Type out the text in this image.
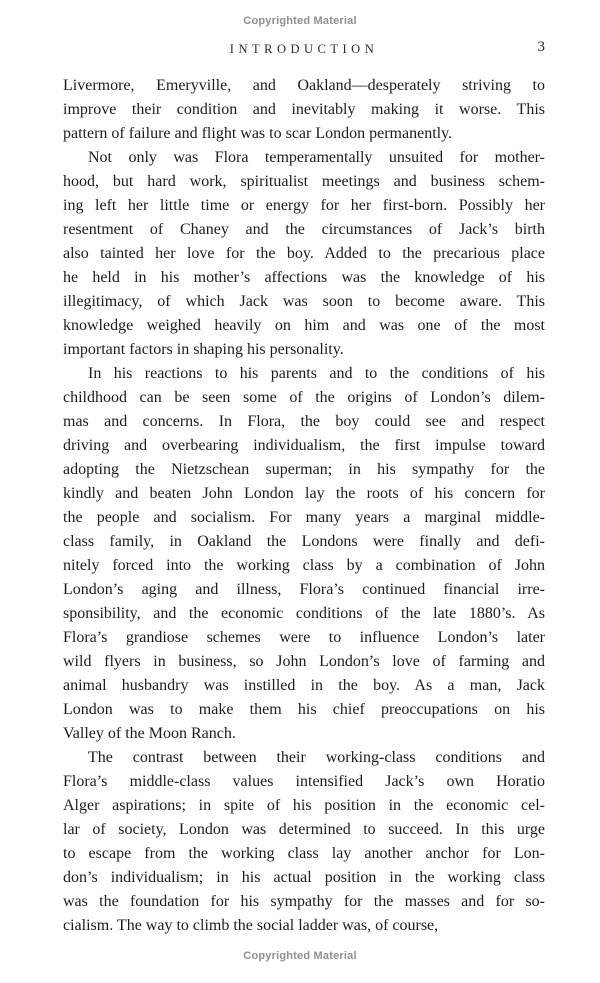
Copyrighted Material
INTRODUCTION	3
Livermore, Emeryville, and Oakland—desperately striving to
improve their condition and inevitably making it worse. This
pattern of failure and flight was to scar London permanently.
Not only was Flora temperamentally unsuited for mother-
hood, but hard work, spiritualist meetings and business schem-
ing left her little time or energy for her first-born. Possibly her
resentment of Chaney and the circumstances of Jack’s birth
also tainted her love for the boy. Added to the precarious place
he held in his mother’s affections was the knowledge of his
illegitimacy, of which Jack was soon to become aware. This
knowledge weighed heavily on him and was one of the most
important factors in shaping his personality.
In his reactions to his parents and to the conditions of his
childhood can be seen some of the origins of London’s dilem-
mas and concerns. In Flora, the boy could see and respect
driving and overbearing individualism, the first impulse toward
adopting the Nietzschean superman; in his sympathy for the
kindly and beaten John London lay the roots of his concern for
the people and socialism. For many years a marginal middle-
class family, in Oakland the Londons were finally and defi-
nitely forced into the working class by a combination of John
London’s aging and illness, Flora’s continued financial irre-
sponsibility, and the economic conditions of the late 1880’s. As
Flora’s grandiose schemes were to influence London’s later
wild flyers in business, so John London’s love of farming and
animal husbandry was instilled in the boy. As a man, Jack
London was to make them his chief preoccupations on his
Valley of the Moon Ranch.
The contrast between their working-class conditions and
Flora’s middle-class values intensified Jack’s own Horatio
Alger aspirations; in spite of his position in the economic cel-
lar of society, London was determined to succeed. In this urge
to escape from the working class lay another anchor for Lon-
don’s individualism; in his actual position in the working class
was the foundation for his sympathy for the masses and for so-
cialism. The way to climb the social ladder was, of course,
Copyrighted Material
